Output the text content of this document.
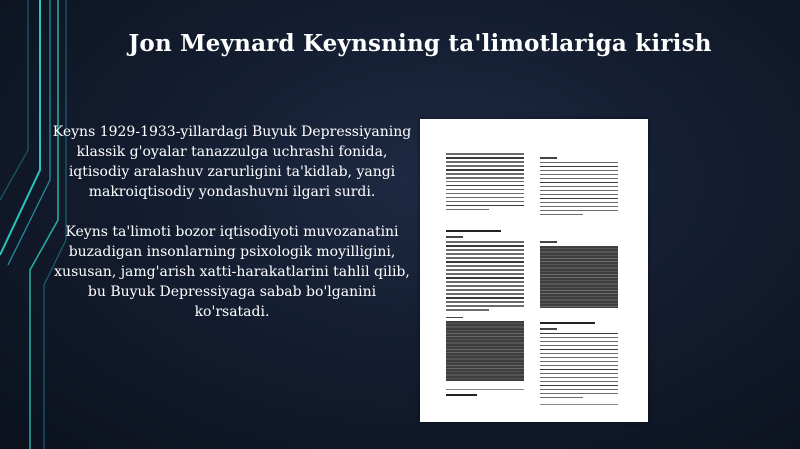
Jon Meynard Keynsning ta'limotlariga kirish

Keyns 1929-1933-yillardagi Buyuk Depressiyaning klassik g'oyalar tanazzulga uchrashi fonida, iqtisodiy aralashuv zarurligini ta'kidlab, yangi makroiqtisodiy yondashuvni ilgari surdi.

Keyns ta'limoti bozor iqtisodiyoti muvozanatini buzadigan insonlarning psixologik moyilligini, xususan, jamg'arish xatti-harakatlarini tahlil qilib, bu Buyuk Depressiyaga sabab bo'lganini ko'rsatadi.
